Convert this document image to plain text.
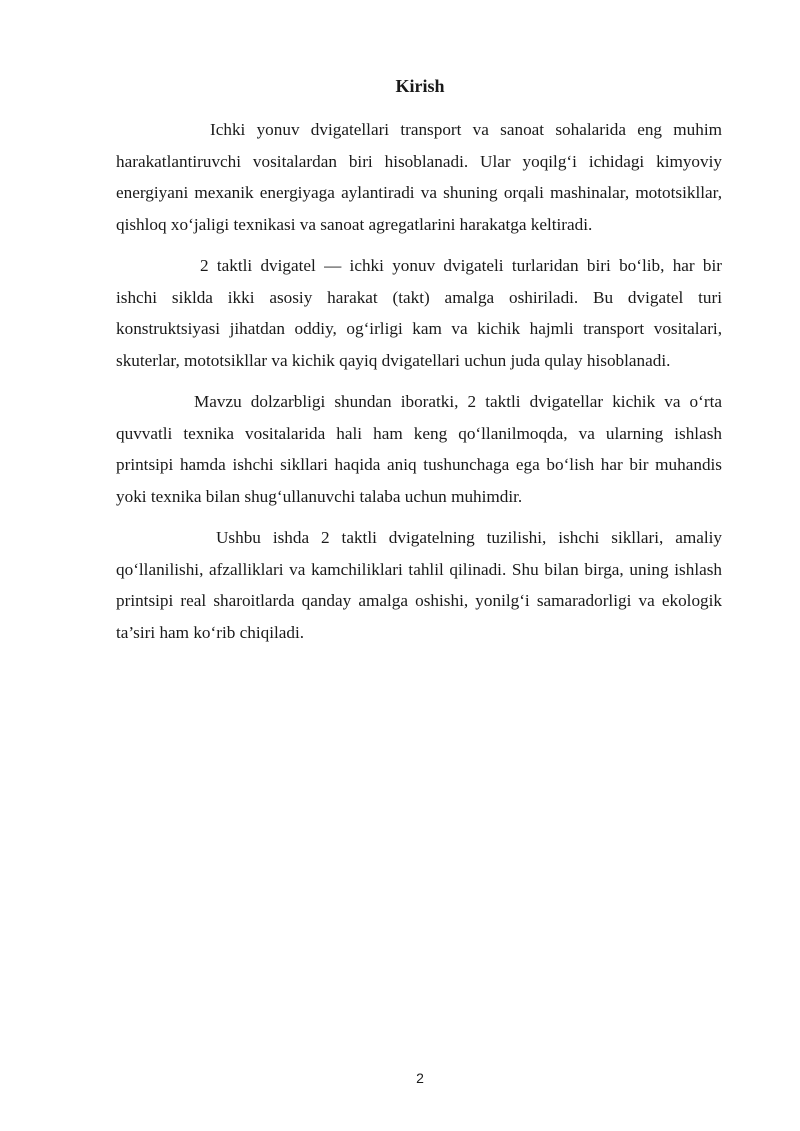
Kirish

Ichki yonuv dvigatellari transport va sanoat sohalarida eng muhim harakatlantiruvchi vositalardan biri hisoblanadi. Ular yoqilg‘i ichidagi kimyoviy energiyani mexanik energiyaga aylantiradi va shuning orqali mashinalar, mototsikllar, qishloq xo‘jaligi texnikasi va sanoat agregatlarini harakatga keltiradi.

2 taktli dvigatel — ichki yonuv dvigateli turlaridan biri bo‘lib, har bir ishchi siklda ikki asosiy harakat (takt) amalga oshiriladi. Bu dvigatel turi konstruktsiyasi jihatdan oddiy, og‘irligi kam va kichik hajmli transport vositalari, skuterlar, mototsikllar va kichik qayiq dvigatellari uchun juda qulay hisoblanadi.

Mavzu dolzarbligi shundan iboratki, 2 taktli dvigatellar kichik va o‘rta quvvatli texnika vositalarida hali ham keng qo‘llanilmoqda, va ularning ishlash printsipi hamda ishchi sikllari haqida aniq tushunchaga ega bo‘lish har bir muhandis yoki texnika bilan shug‘ullanuvchi talaba uchun muhimdir.

Ushbu ishda 2 taktli dvigatelning tuzilishi, ishchi sikllari, amaliy qo‘llanilishi, afzalliklari va kamchiliklari tahlil qilinadi. Shu bilan birga, uning ishlash printsipi real sharoitlarda qanday amalga oshishi, yonilg‘i samaradorligi va ekologik ta’siri ham ko‘rib chiqiladi.

2
